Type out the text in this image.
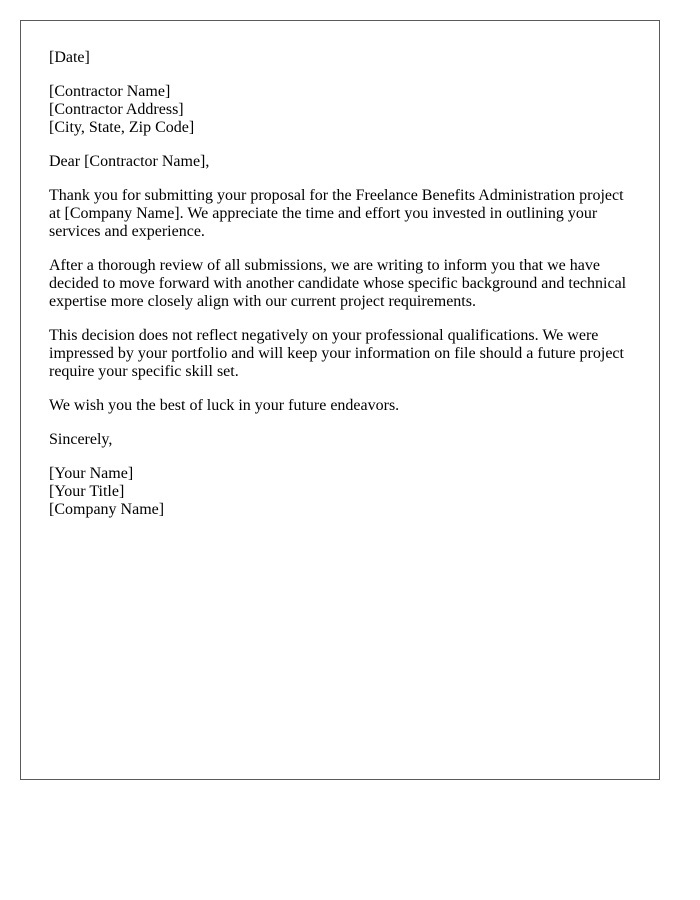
[Date]
[Contractor Name]
[Contractor Address]
[City, State, Zip Code]
Dear [Contractor Name],

Thank you for submitting your proposal for the Freelance Benefits Administration project at [Company Name]. We appreciate the time and effort you invested in outlining your services and experience.

After a thorough review of all submissions, we are writing to inform you that we have decided to move forward with another candidate whose specific background and technical expertise more closely align with our current project requirements.

This decision does not reflect negatively on your professional qualifications. We were impressed by your portfolio and will keep your information on file should a future project require your specific skill set.

We wish you the best of luck in your future endeavors.

Sincerely,
[Your Name]
[Your Title]
[Company Name]
